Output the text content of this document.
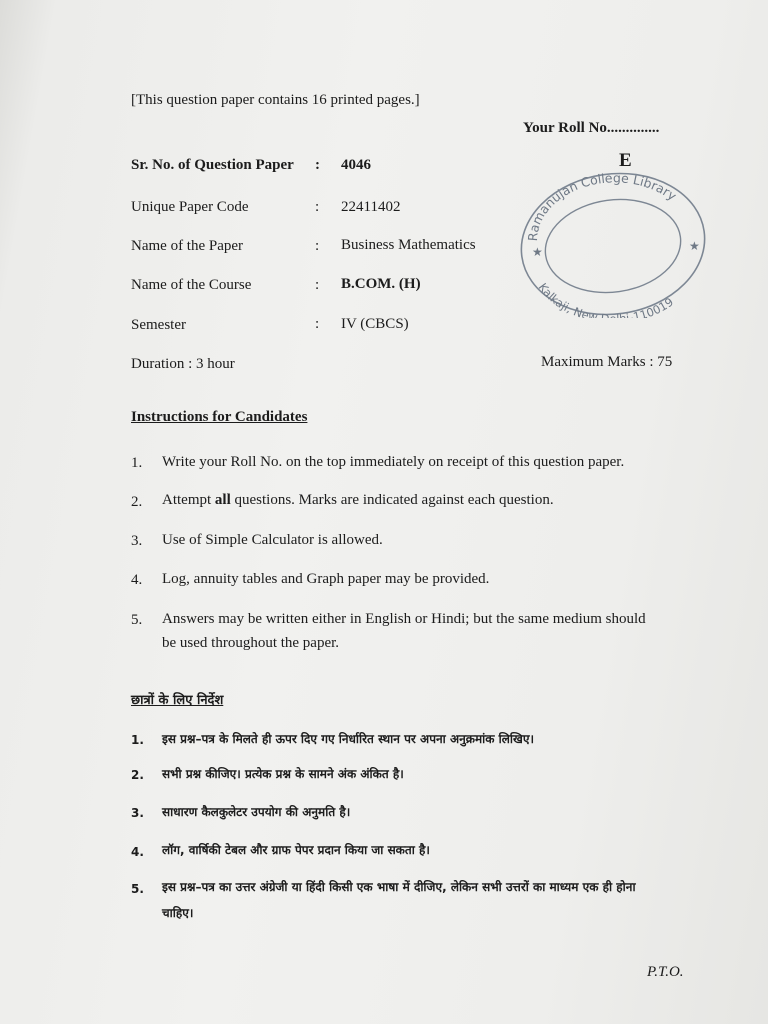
[This question paper contains 16 printed pages.]
Your Roll No..............
E
Sr. No. of Question Paper : 4046
Unique Paper Code	: 22411402
Name of the Paper	: Business Mathematics
Name of the Course	: B.COM. (H)
Semester	: IV (CBCS)
Duration : 3 hour	Maximum Marks : 75
Ramanujan College Library
Kalkaji, New i-110019
★	★
Instructions for Candidates
1. Write your Roll No. on the top immediately on receipt of this question paper.
2. Attempt all questions. Marks are indicated against each question.
3. Use of Simple Calculator is allowed.
4. Log, annuity tables and Graph paper may be provided.
5. Answers may be written either in English or Hindi; but the same medium should
be used throughout the paper.
छात्रों के लिए निर्देश
1. इस प्रश्न–पत्र के मिलते ही ऊपर दिए गए निर्धारित स्थान पर अपना अनुक्रमांक लिखिए।
2. सभी प्रश्न कीजिए। प्रत्येक प्रश्न के सामने अंक अंकित है।
3. साधारण कैलकुलेटर उपयोग की अनुमति है।
4. लॉग, वार्षिकी टेबल और ग्राफ पेपर प्रदान किया जा सकता है।
5. इस प्रश्न–पत्र का उत्तर अंग्रेजी या हिंदी किसी एक भाषा में दीजिए, लेकिन सभी उत्तरों का माध्यम एक ही होना
चाहिए।
P.T.O.
